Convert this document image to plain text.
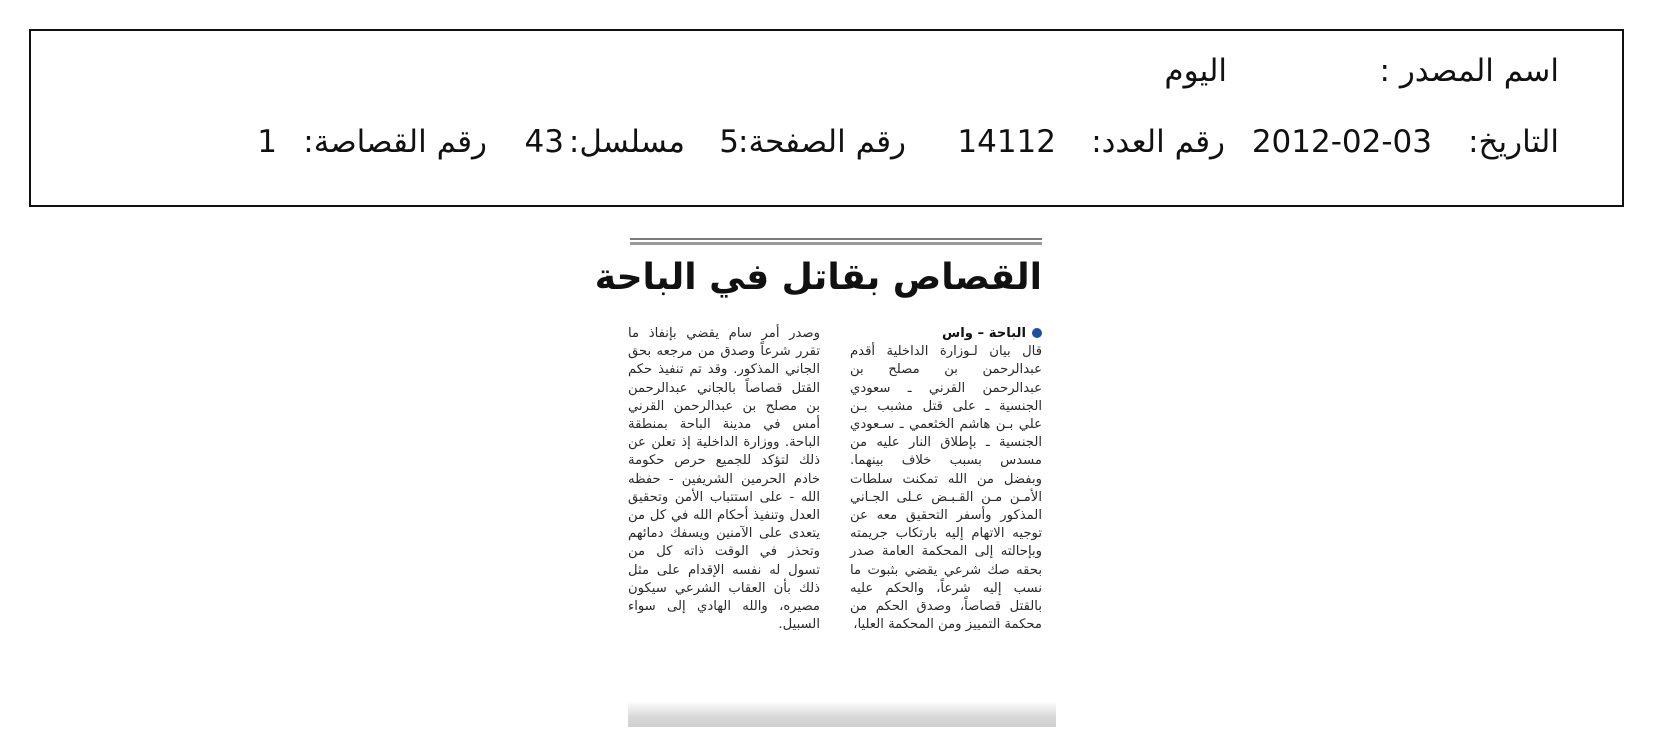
اسم المصدر :
اليوم
التاريخ:
2012-02-03
رقم العدد:
14112
رقم الصفحة:
5
مسلسل:
43
رقم القصاصة:
1
القصاص بقاتل في الباحة
الباحة – واس
قال بيان لـوزارة الداخلية أقدم عبدالرحمن بن مصلح بن عبدالرحمن القرني ـ سعودي الجنسية ـ على قتل مشبب بـن علي بـن هاشم الخثعمي ـ سـعودي الجنسية ـ بإطلاق النار عليه من مسدس بسبب خلاف بينهما. وبفضل من الله تمكنت سلطات الأمـن مـن القـبـض عـلى الجـاني المذكور وأسفر التحقيق معه عن توجيه الاتهام إليه بارتكاب جريمته وبإحالته إلى المحكمة العامة صدر بحقه صك شرعي يقضي بثبوت ما نسب إليه شرعاً، والحكم عليه بالقتل قصاصاً، وصدق الحكم من محكمة التمييز ومن المحكمة العليا،
وصدر أمر سام يقضي بإنفاذ ما تقرر شرعاً وصدق من مرجعه بحق الجاني المذكور. وقد تم تنفيذ حكم القتل قصاصاً بالجاني عبدالرحمن بن مصلح بن عبدالرحمن القرني أمس في مدينة الباحة بمنطقة الباحة. ووزارة الداخلية إذ تعلن عن ذلك لتؤكد للجميع حرص حكومة خادم الحرمين الشريفين - حفظه الله - على استتباب الأمن وتحقيق العدل وتنفيذ أحكام الله في كل من يتعدى على الآمنين ويسفك دمائهم وتحذر في الوقت ذاته كل من تسول له نفسه الإقدام على مثل ذلك بأن العقاب الشرعي سيكون مصيره، والله الهادي إلى سواء السبيل.
